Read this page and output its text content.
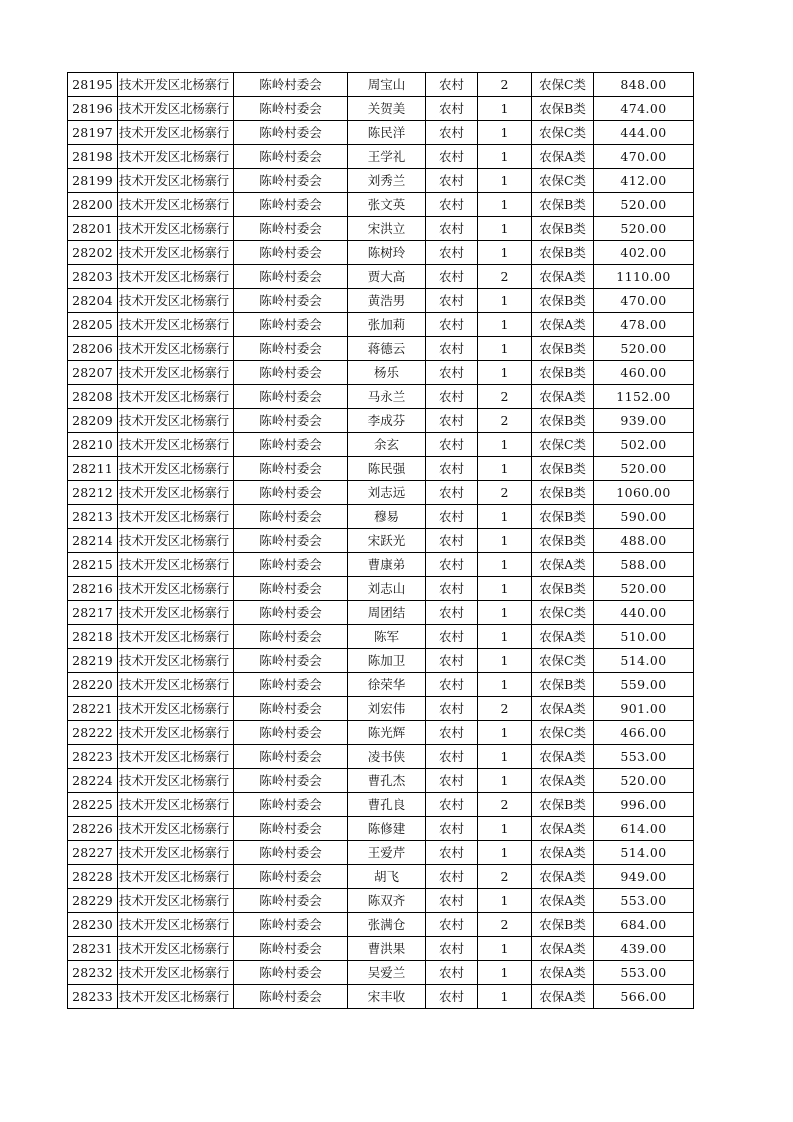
28195	技术开发区北杨寨行	陈岭村委会	周宝山	农村	2	农保C类	848.00
28196	技术开发区北杨寨行	陈岭村委会	关贺美	农村	1	农保B类	474.00
28197	技术开发区北杨寨行	陈岭村委会	陈民洋	农村	1	农保C类	444.00
28198	技术开发区北杨寨行	陈岭村委会	王学礼	农村	1	农保A类	470.00
28199	技术开发区北杨寨行	陈岭村委会	刘秀兰	农村	1	农保C类	412.00
28200	技术开发区北杨寨行	陈岭村委会	张文英	农村	1	农保B类	520.00
28201	技术开发区北杨寨行	陈岭村委会	宋洪立	农村	1	农保B类	520.00
28202	技术开发区北杨寨行	陈岭村委会	陈树玲	农村	1	农保B类	402.00
28203	技术开发区北杨寨行	陈岭村委会	贾大高	农村	2	农保A类	1110.00
28204	技术开发区北杨寨行	陈岭村委会	黄浩男	农村	1	农保B类	470.00
28205	技术开发区北杨寨行	陈岭村委会	张加莉	农村	1	农保A类	478.00
28206	技术开发区北杨寨行	陈岭村委会	蒋德云	农村	1	农保B类	520.00
28207	技术开发区北杨寨行	陈岭村委会	杨乐	农村	1	农保B类	460.00
28208	技术开发区北杨寨行	陈岭村委会	马永兰	农村	2	农保A类	1152.00
28209	技术开发区北杨寨行	陈岭村委会	李成芬	农村	2	农保B类	939.00
28210	技术开发区北杨寨行	陈岭村委会	余玄	农村	1	农保C类	502.00
28211	技术开发区北杨寨行	陈岭村委会	陈民强	农村	1	农保B类	520.00
28212	技术开发区北杨寨行	陈岭村委会	刘志远	农村	2	农保B类	1060.00
28213	技术开发区北杨寨行	陈岭村委会	穆易	农村	1	农保B类	590.00
28214	技术开发区北杨寨行	陈岭村委会	宋跃光	农村	1	农保B类	488.00
28215	技术开发区北杨寨行	陈岭村委会	曹康弟	农村	1	农保A类	588.00
28216	技术开发区北杨寨行	陈岭村委会	刘志山	农村	1	农保B类	520.00
28217	技术开发区北杨寨行	陈岭村委会	周团结	农村	1	农保C类	440.00
28218	技术开发区北杨寨行	陈岭村委会	陈军	农村	1	农保A类	510.00
28219	技术开发区北杨寨行	陈岭村委会	陈加卫	农村	1	农保C类	514.00
28220	技术开发区北杨寨行	陈岭村委会	徐荣华	农村	1	农保B类	559.00
28221	技术开发区北杨寨行	陈岭村委会	刘宏伟	农村	2	农保A类	901.00
28222	技术开发区北杨寨行	陈岭村委会	陈光辉	农村	1	农保C类	466.00
28223	技术开发区北杨寨行	陈岭村委会	凌书侠	农村	1	农保A类	553.00
28224	技术开发区北杨寨行	陈岭村委会	曹孔杰	农村	1	农保A类	520.00
28225	技术开发区北杨寨行	陈岭村委会	曹孔良	农村	2	农保B类	996.00
28226	技术开发区北杨寨行	陈岭村委会	陈修建	农村	1	农保A类	614.00
28227	技术开发区北杨寨行	陈岭村委会	王爱芹	农村	1	农保A类	514.00
28228	技术开发区北杨寨行	陈岭村委会	胡飞	农村	2	农保A类	949.00
28229	技术开发区北杨寨行	陈岭村委会	陈双齐	农村	1	农保A类	553.00
28230	技术开发区北杨寨行	陈岭村委会	张满仓	农村	2	农保B类	684.00
28231	技术开发区北杨寨行	陈岭村委会	曹洪果	农村	1	农保A类	439.00
28232	技术开发区北杨寨行	陈岭村委会	吴爱兰	农村	1	农保A类	553.00
28233	技术开发区北杨寨行	陈岭村委会	宋丰收	农村	1	农保A类	566.00
